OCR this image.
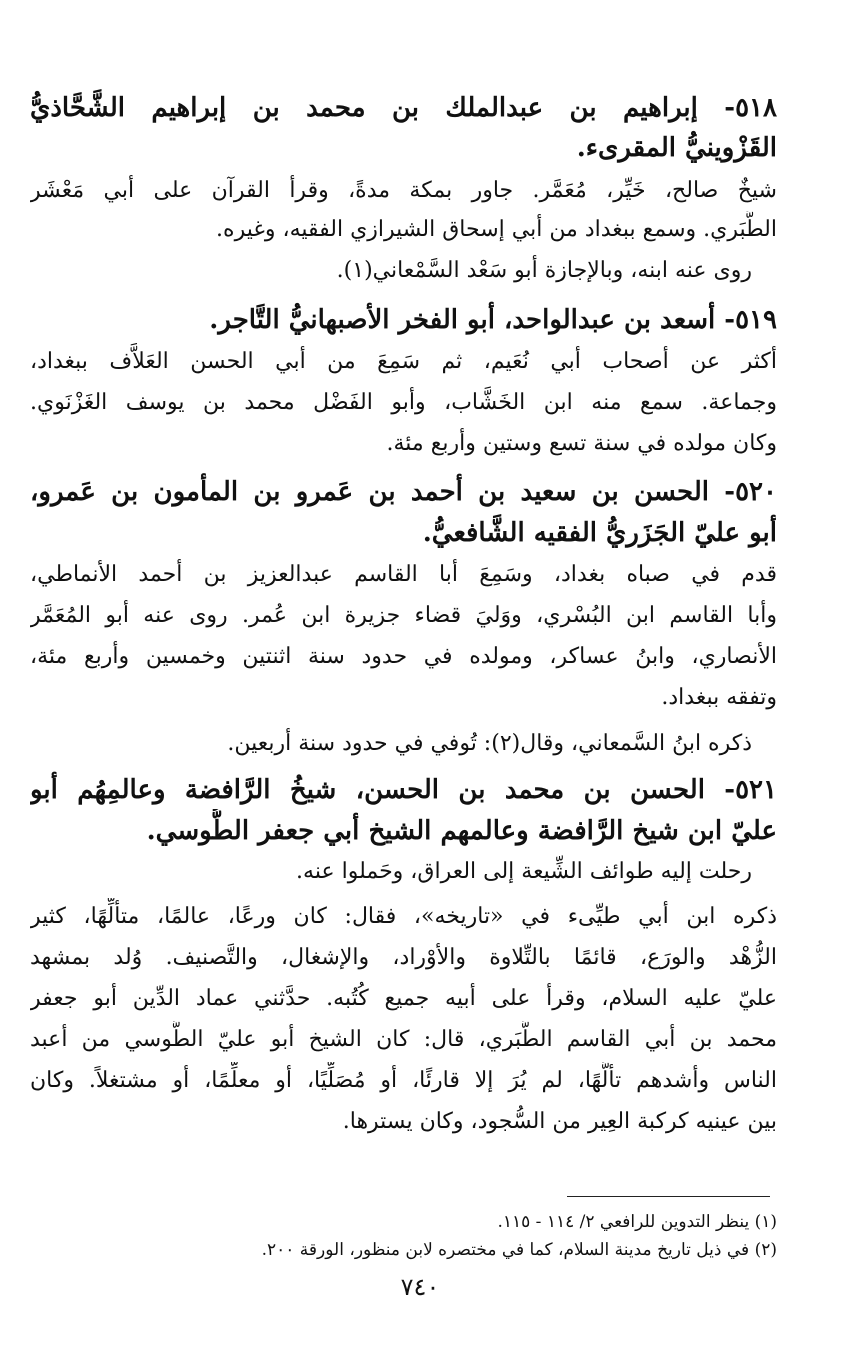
٥١٨- إبراهيم بن عبدالملك بن محمد بن إبراهيم الشَّحَّاذيُّ
القَزْوينيُّ المقرىء.
شيخٌ صالح، خَيِّر، مُعَمَّر. جاور بمكة مدةً، وقرأ القرآن على أبي مَعْشَر
الطَّبَري. وسمع ببغداد من أبي إسحاق الشيرازي الفقيه، وغيره.
روى عنه ابنه، وبالإجازة أبو سَعْد السَّمْعاني(١).
٥١٩- أسعد بن عبدالواحد، أبو الفخر الأصبهانيُّ التَّاجر.
أكثر عن أصحاب أبي نُعَيم، ثم سَمِعَ من أبي الحسن العَلاَّف ببغداد،
وجماعة. سمع منه ابن الخَشَّاب، وأبو الفَضْل محمد بن يوسف الغَزْنَوي.
وكان مولده في سنة تسع وستين وأربع مئة.
٥٢٠- الحسن بن سعيد بن أحمد بن عَمرو بن المأمون بن عَمرو،
أبو عليّ الجَزَريُّ الفقيه الشَّافعيُّ.
قدم في صباه بغداد، وسَمِعَ أبا القاسم عبدالعزيز بن أحمد الأنماطي،
وأبا القاسم ابن البُسْري، ووَليَ قضاء جزيرة ابن عُمر. روى عنه أبو المُعَمَّر
الأنصاري، وابنُ عساكر، ومولده في حدود سنة اثنتين وخمسين وأربع مئة،
وتفقه ببغداد.
ذكره ابنُ السَّمعاني، وقال(٢): تُوفي في حدود سنة أربعين.
٥٢١- الحسن بن محمد بن الحسن، شيخُ الرَّافضة وعالمِهُم أبو
عليّ ابن شيخ الرَّافضة وعالمهم الشيخ أبي جعفر الطُّوسي.
رحلت إليه طوائف الشِّيعة إلى العراق، وحَملوا عنه.
ذكره ابن أبي طيِّىء في «تاريخه»، فقال: كان ورعًا، عالمًا، متألِّهًا، كثير
الزُّهْد والورَع، قائمًا بالتِّلاوة والأوْراد، والإشغال، والتَّصنيف. وُلد بمشهد
عليّ عليه السلام، وقرأ على أبيه جميع كُتُبه. حدَّثني عماد الدِّين أبو جعفر
محمد بن أبي القاسم الطَّبَري، قال: كان الشيخ أبو عليّ الطُّوسي من أعبد
الناس وأشدهم تألُّهًا، لم يُرَ إلا قارئًا، أو مُصَلِّيًا، أو معلِّمًا، أو مشتغلاً. وكان
بين عينيه كركبة العِير من السُّجود، وكان يسترها.
(١) ينظر التدوين للرافعي ٢/ ١١٤ - ١١٥.
(٢) في ذيل تاريخ مدينة السلام، كما في مختصره لابن منظور، الورقة ٢٠٠.
٧٤٠
